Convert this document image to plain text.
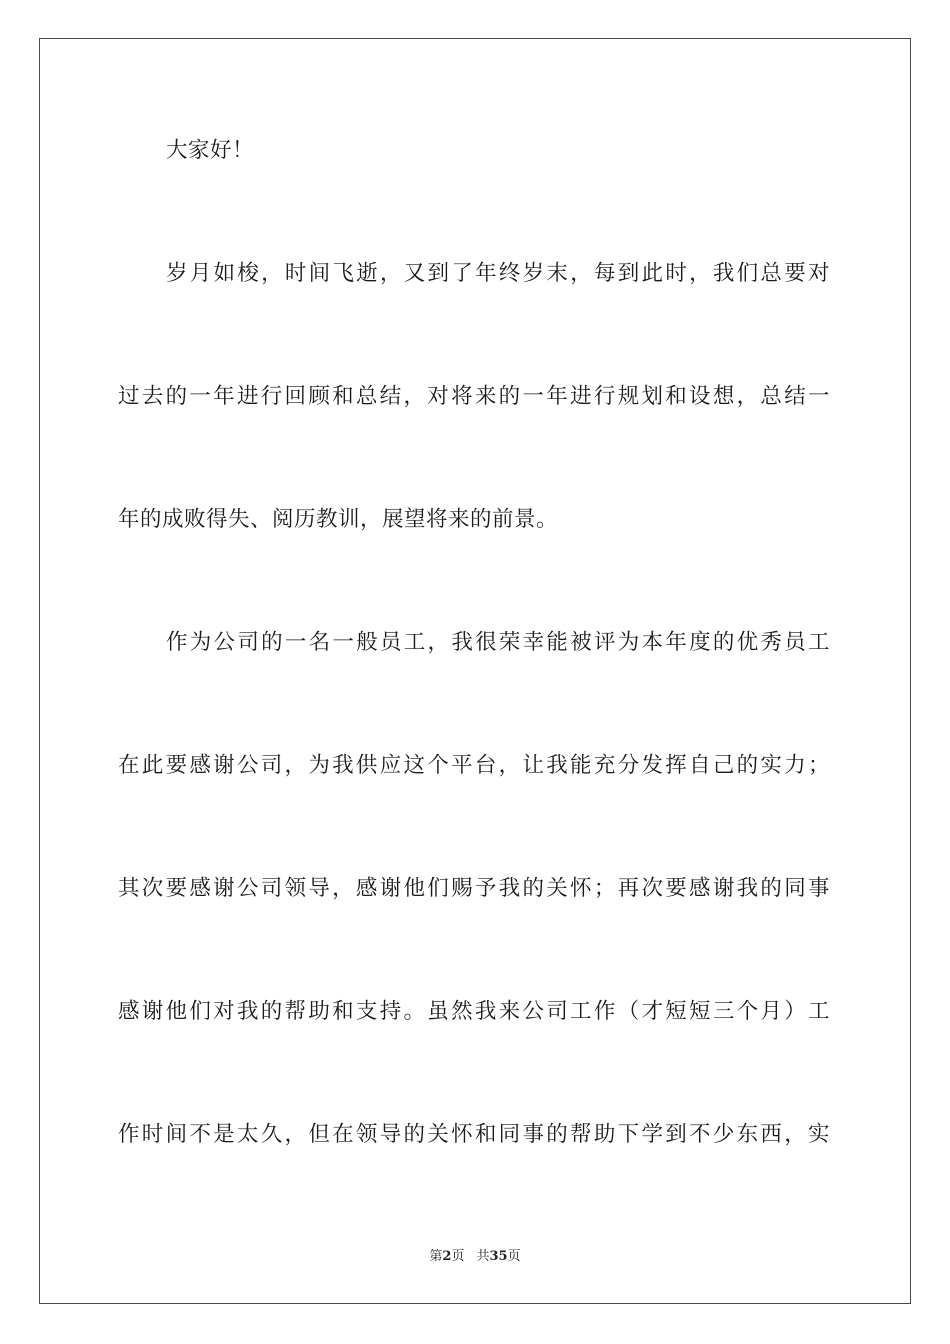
大家好！
岁月如梭，时间飞逝，又到了年终岁末，每到此时，我们总要对
过去的一年进行回顾和总结，对将来的一年进行规划和设想，总结一
年的成败得失、阅历教训，展望将来的前景。
作为公司的一名一般员工，我很荣幸能被评为本年度的优秀员工
在此要感谢公司，为我供应这个平台，让我能充分发挥自己的实力；
其次要感谢公司领导，感谢他们赐予我的关怀；再次要感谢我的同事
感谢他们对我的帮助和支持。虽然我来公司工作（才短短三个月）工
作时间不是太久，但在领导的关怀和同事的帮助下学到不少东西，实
第2页 共35页
